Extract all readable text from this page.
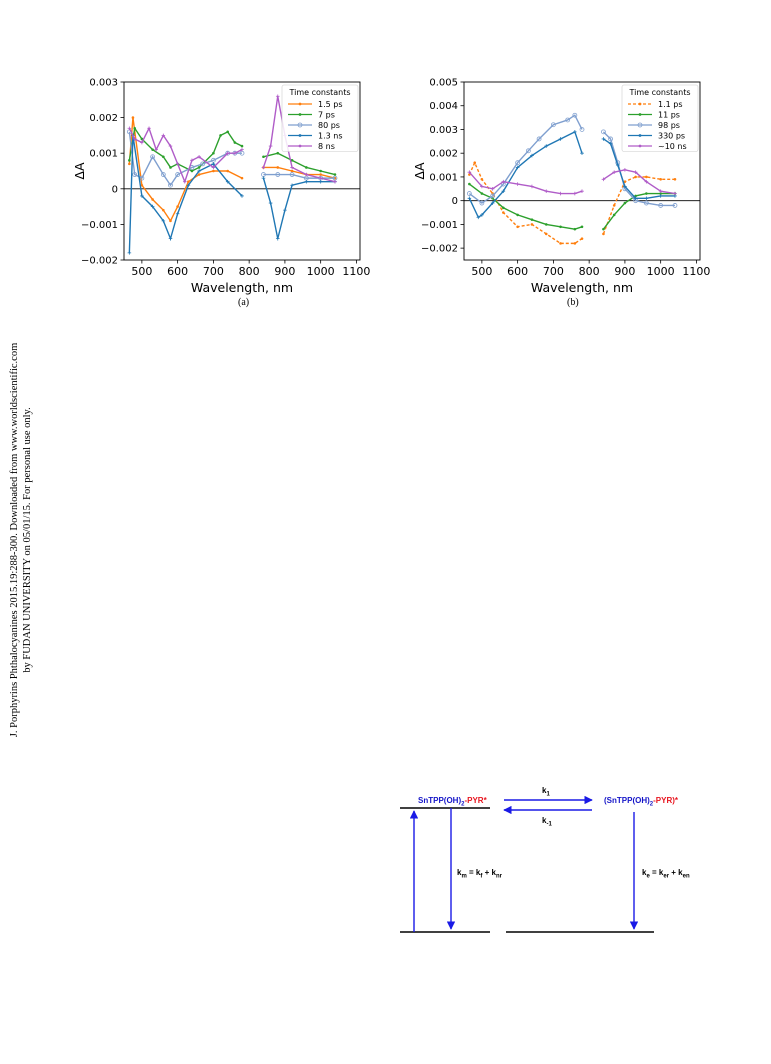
J. Porphyrins Phthalocyanines 2015.19:288-300. Downloaded from www.worldscientific.com by FUDAN UNIVERSITY on 05/01/15. For personal use only.
500 600 700 800 900 1000 1100
−0.002
−0.001
0
0.001
0.002
0.003
Wavelength, nm
ΔA
Time constants
1.5 ps
7 ps
80 ps
1.3 ns
8 ns
(a)
500 600 700 800 900 1000 1100
−0.002
−0.001
0
0.001
0.002
0.003
0.004
0.005
Wavelength, nm
ΔA
Time constants
1.1 ps
11 ps
98 ps
330 ps
~10 ns
(b)
$SnTPP(OH)_2-PYR*$	$(SnTPP(OH)_2-PYR)*$
$k_1$
$k_{-1}$
$k_m = k_f + k_{nr}$	$k_e = k_{er} + k_{en}$
